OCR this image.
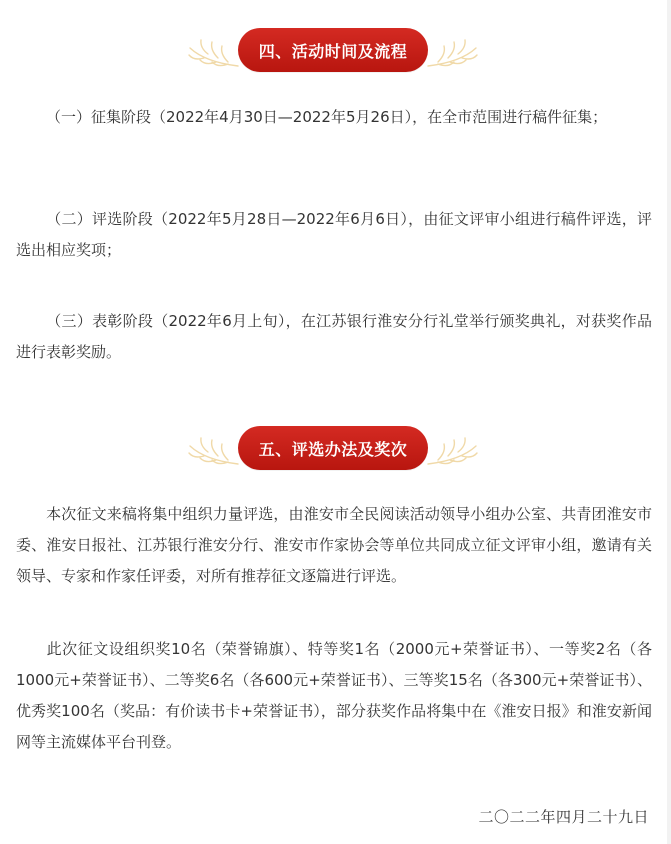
四、活动时间及流程
（一）征集阶段（2022年4月30日—2022年5月26日），在全市范围进行稿件征集；
（二）评选阶段（2022年5月28日—2022年6月6日），由征文评审小组进行稿件评选，评选出相应奖项；
（三）表彰阶段（2022年6月上旬），在江苏银行淮安分行礼堂举行颁奖典礼，对获奖作品进行表彰奖励。
五、评选办法及奖次
本次征文来稿将集中组织力量评选，由淮安市全民阅读活动领导小组办公室、共青团淮安市委、淮安日报社、江苏银行淮安分行、淮安市作家协会等单位共同成立征文评审小组，邀请有关领导、专家和作家任评委，对所有推荐征文逐篇进行评选。
此次征文设组织奖10名（荣誉锦旗）、特等奖1名（2000元+荣誉证书）、一等奖2名（各1000元+荣誉证书）、二等奖6名（各600元+荣誉证书）、三等奖15名（各300元+荣誉证书）、优秀奖100名（奖品：有价读书卡+荣誉证书），部分获奖作品将集中在《淮安日报》和淮安新闻网等主流媒体平台刊登。
二〇二二年四月二十九日
